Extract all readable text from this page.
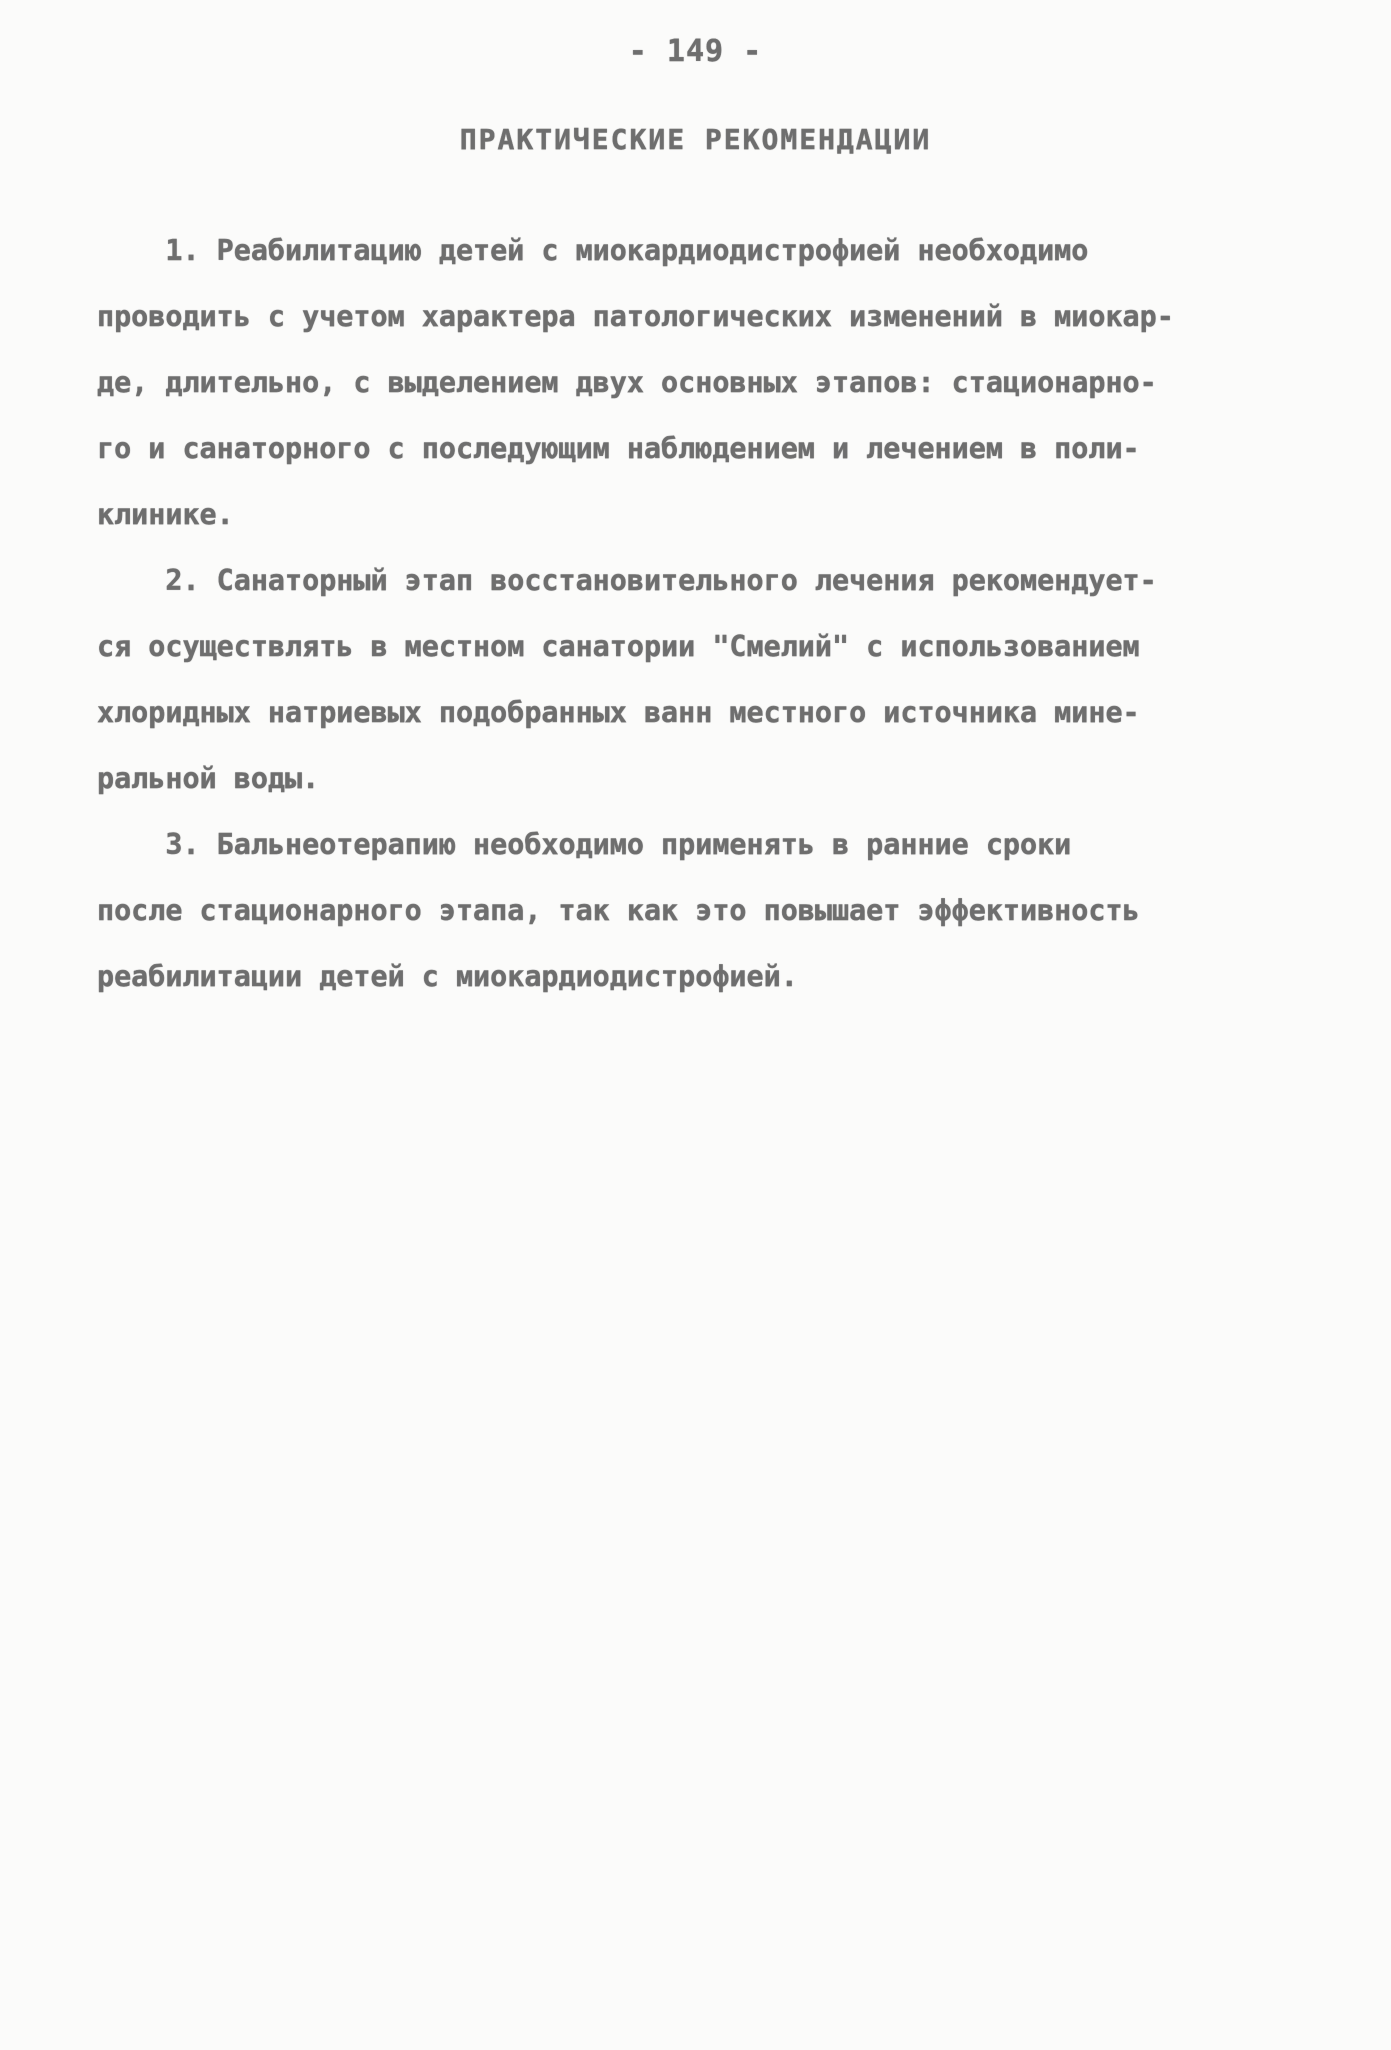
- 149 -
ПРАКТИЧЕСКИЕ РЕКОМЕНДАЦИИ
1. Реабилитацию детей с миокардиодистрофией необходимо
проводить с учетом характера патологических изменений в миокар-
де, длительно, с выделением двух основных этапов: стационарно-
го и санаторного с последующим наблюдением и лечением в поли-
клинике.
2. Санаторный этап восстановительного лечения рекомендует-
ся осуществлять в местном санатории "Смелий" с использованием
хлоридных натриевых подобранных ванн местного источника мине-
ральной воды.
3. Бальнеотерапию необходимо применять в ранние сроки
после стационарного этапа, так как это повышает эффективность
реабилитации детей с миокардиодистрофией.
